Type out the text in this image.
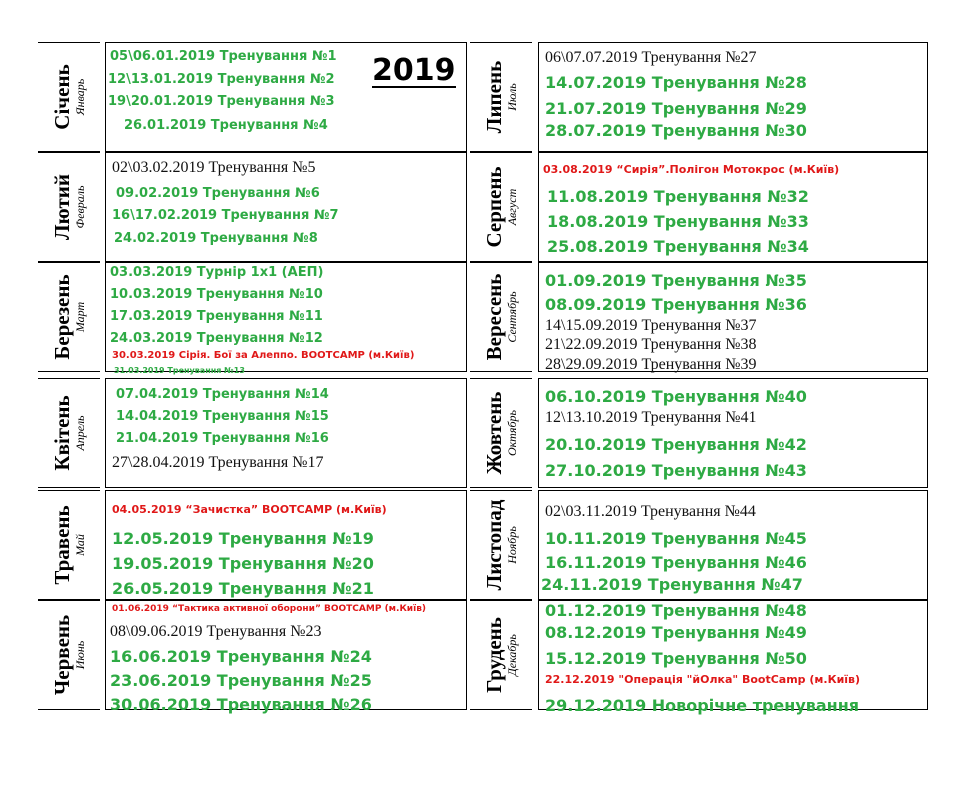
Січень Январь
05\06.01.2019 Тренування №1
12\13.01.2019 Тренування №2
19\20.01.2019 Тренування №3
26.01.2019 Тренування №4
Лютий Февраль
02\03.02.2019 Тренування №5
09.02.2019 Тренування №6
16\17.02.2019 Тренування №7
24.02.2019 Тренування №8
Березень Март
03.03.2019 Турнір 1х1 (АЕП)
10.03.2019 Тренування №10
17.03.2019 Тренування №11
24.03.2019 Тренування №12
30.03.2019 Сірія. Бої за Алеппо. BOOTCAMP (м.Київ)
31.03.2019 Тренування №13
Квітень Апрель
07.04.2019 Тренування №14
14.04.2019 Тренування №15
21.04.2019 Тренування №16
27\28.04.2019 Тренування №17
Травень Май
04.05.2019 “Зачистка” BOOTCAMP (м.Київ)
12.05.2019 Тренування №19
19.05.2019 Тренування №20
26.05.2019 Тренування №21
Червень Июнь
01.06.2019 “Тактика активної оборони” BOOTCAMP (м.Київ)
08\09.06.2019 Тренування №23
16.06.2019 Тренування №24
23.06.2019 Тренування №25
30.06.2019 Тренування №26
Липень Июль
06\07.07.2019 Тренування №27
14.07.2019 Тренування №28
21.07.2019 Тренування №29
28.07.2019 Тренування №30
Серпень Август
03.08.2019 “Сирія”.Полігон Мотокрос (м.Київ)
11.08.2019 Тренування №32
18.08.2019 Тренування №33
25.08.2019 Тренування №34
Вересень Сентябрь
01.09.2019 Тренування №35
08.09.2019 Тренування №36
14\15.09.2019 Тренування №37
21\22.09.2019 Тренування №38
28\29.09.2019 Тренування №39
Жовтень Октябрь
06.10.2019 Тренування №40
12\13.10.2019 Тренування №41
20.10.2019 Тренування №42
27.10.2019 Тренування №43
Листопад Ноябрь
02\03.11.2019 Тренування №44
10.11.2019 Тренування №45
16.11.2019 Тренування №46
24.11.2019 Тренування №47
Грудень Декабрь
01.12.2019 Тренування №48
08.12.2019 Тренування №49
15.12.2019 Тренування №50
22.12.2019 "Операція "йОлка" BootCamp (м.Київ)
29.12.2019 Новорічне тренування
2019
